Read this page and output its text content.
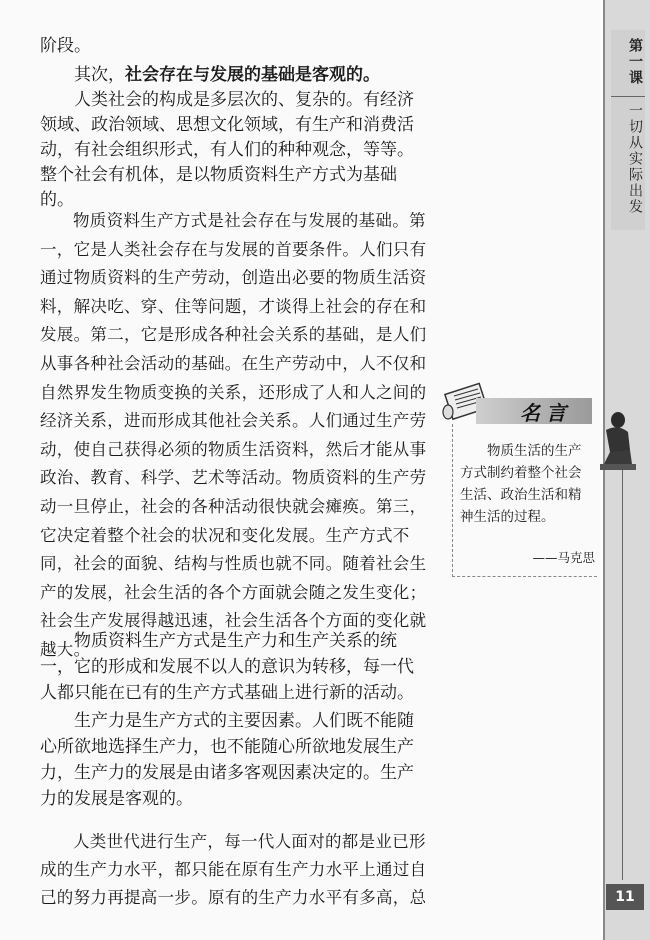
阶段。

其次，社会存在与发展的基础是客观的。

人类社会的构成是多层次的、复杂的。有经济领域、政治领域、思想文化领域，有生产和消费活动，有社会组织形式，有人们的种种观念，等等。整个社会有机体，是以物质资料生产方式为基础的。

物质资料生产方式是社会存在与发展的基础。第一，它是人类社会存在与发展的首要条件。人们只有通过物质资料的生产劳动，创造出必要的物质生活资料，解决吃、穿、住等问题，才谈得上社会的存在和发展。第二，它是形成各种社会关系的基础，是人们从事各种社会活动的基础。在生产劳动中，人不仅和自然界发生物质变换的关系，还形成了人和人之间的经济关系，进而形成其他社会关系。人们通过生产劳动，使自己获得必须的物质生活资料，然后才能从事政治、教育、科学、艺术等活动。物质资料的生产劳动一旦停止，社会的各种活动很快就会瘫痪。第三，它决定着整个社会的状况和变化发展。生产方式不同，社会的面貌、结构与性质也就不同。随着社会生产的发展，社会生活的各个方面就会随之发生变化；社会生产发展得越迅速，社会生活各个方面的变化就越大。

物质资料生产方式是生产力和生产关系的统一，它的形成和发展不以人的意识为转移，每一代人都只能在已有的生产方式基础上进行新的活动。

生产力是生产方式的主要因素。人们既不能随心所欲地选择生产力，也不能随心所欲地发展生产力，生产力的发展是由诸多客观因素决定的。生产力的发展是客观的。

人类世代进行生产，每一代人面对的都是业已形成的生产力水平，都只能在原有生产力水平上通过自己的努力再提高一步。原有的生产力水平有多高，总

名言

物质生活的生产方式制约着整个社会生活、政治生活和精神生活的过程。

——马克思
第一课
一切从实际出发
11
